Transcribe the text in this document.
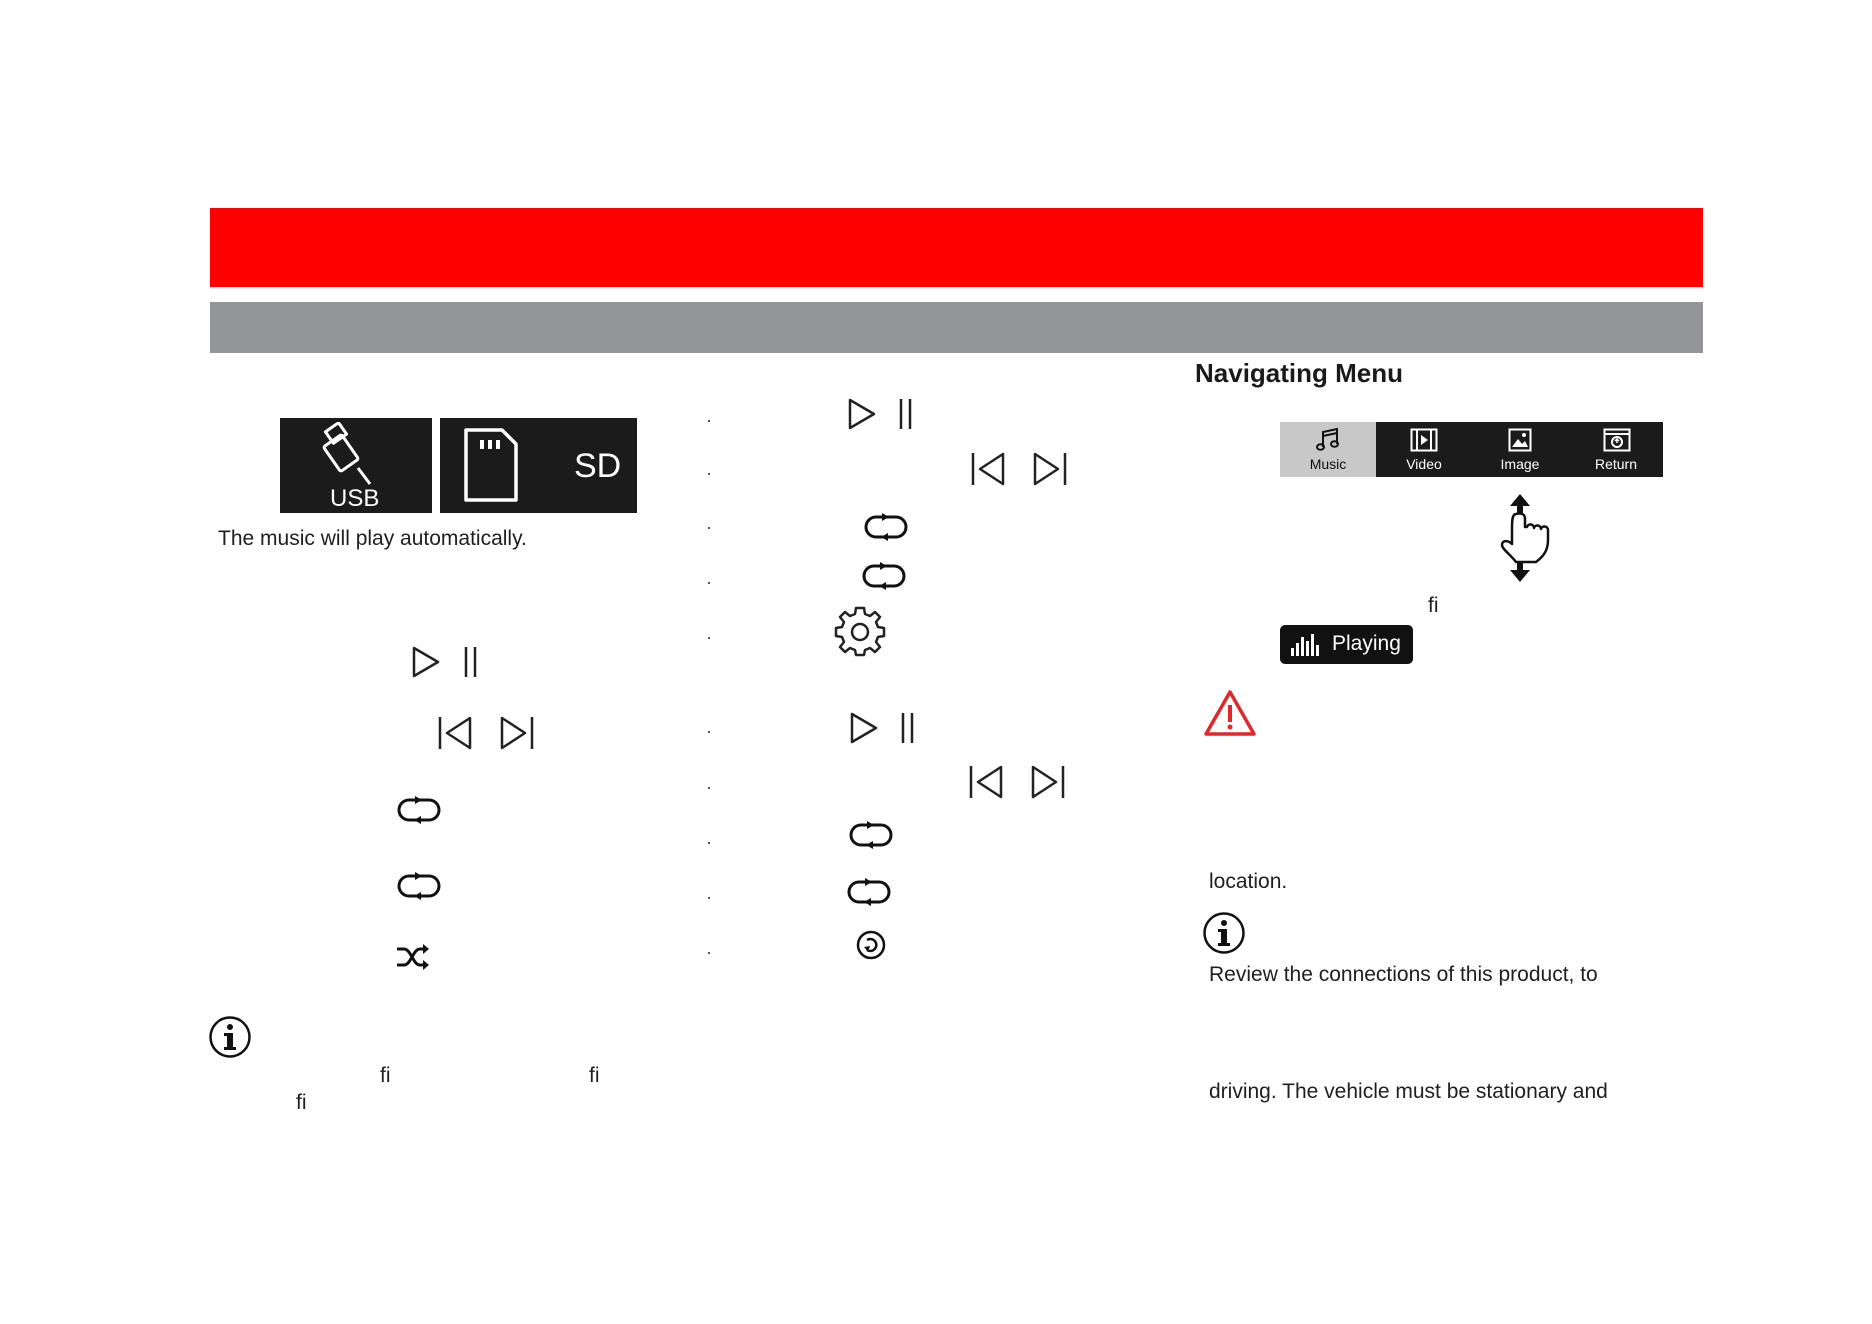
USB
SD
The music will play automatically.
fi	fi
fi
Navigating Menu
Music	Video	Image	Return
fi
Playing
location.
Review the connections of this product, to
driving. The vehicle must be stationary and
